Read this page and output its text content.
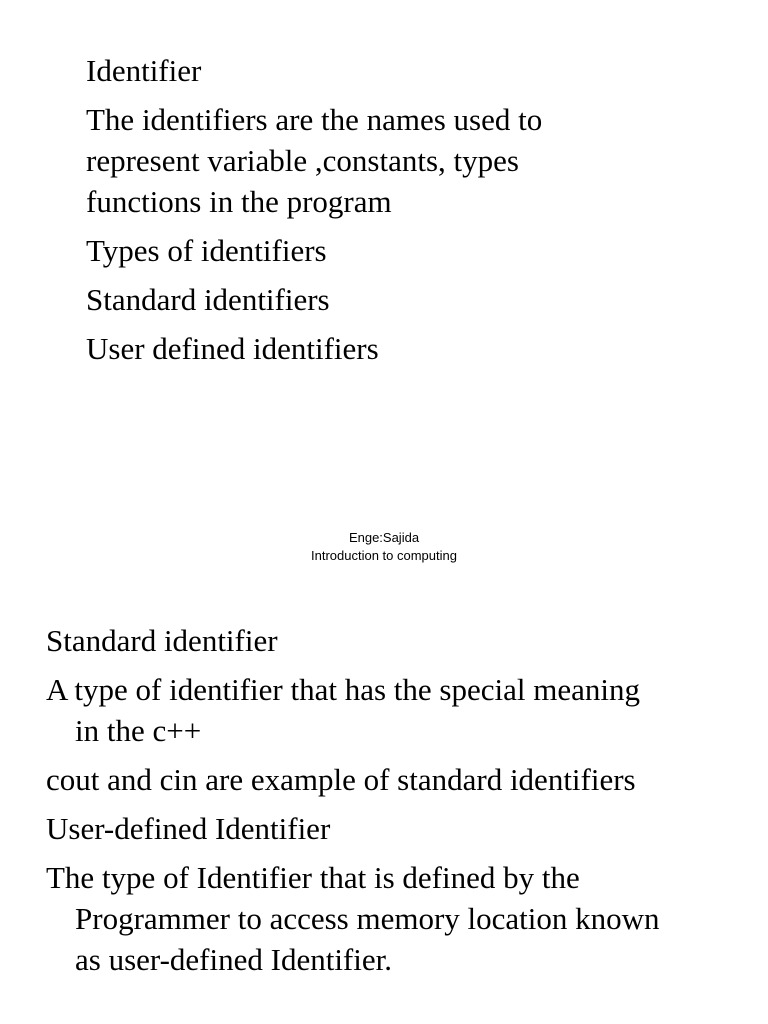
Identifier

The identifiers are the names used to
represent variable ,constants, types
functions in the program

Types of identifiers

Standard identifiers

User defined identifiers

Enge:Sajida
Introduction to computing

Standard identifier

A type of identifier that has the special meaning
in the c++

cout and cin are example of standard identifiers

User-defined Identifier

The type of Identifier that is defined by the
Programmer to access memory location known
as user-defined Identifier.
